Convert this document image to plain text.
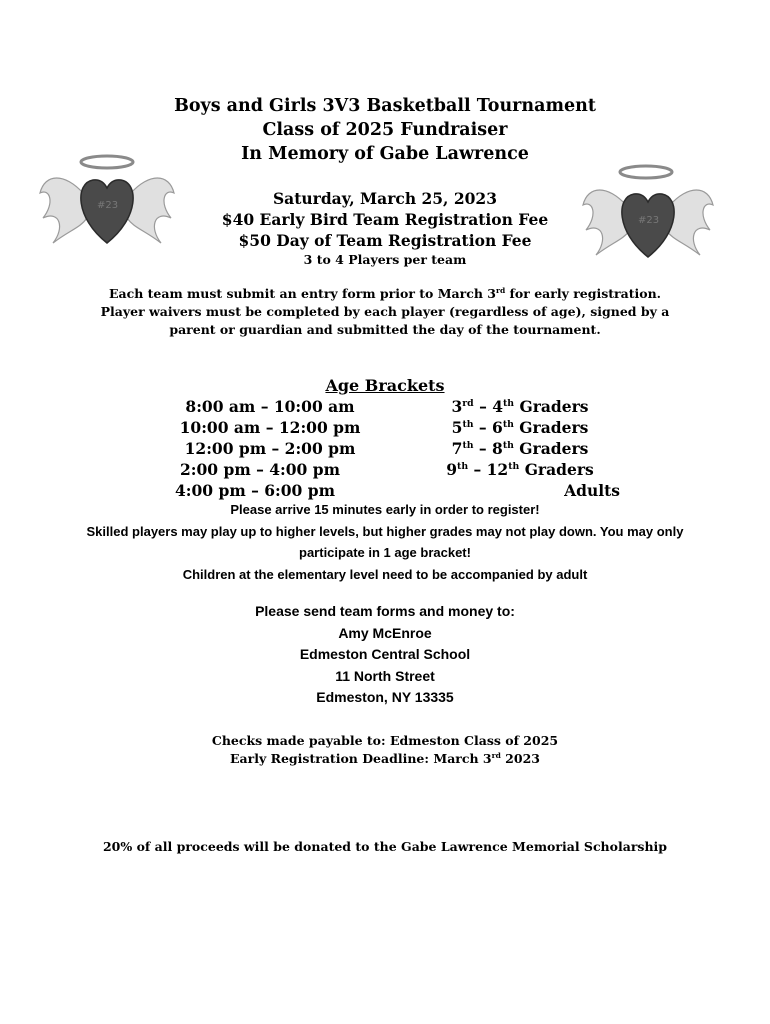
#23
#23
Boys and Girls 3V3 Basketball Tournament
Class of 2025 Fundraiser
In Memory of Gabe Lawrence
Saturday, March 25, 2023
$40 Early Bird Team Registration Fee
$50 Day of Team Registration Fee
3 to 4 Players per team
Each team must submit an entry form prior to March 3rd for early registration. Player waivers must be completed by each player (regardless of age), signed by a parent or guardian and submitted the day of the tournament.
Age Brackets
8:00 am – 10:00 am	3rd – 4th Graders
10:00 am – 12:00 pm	5th – 6th Graders
12:00 pm – 2:00 pm	7th – 8th Graders
2:00 pm – 4:00 pm	9th – 12th Graders
4:00 pm – 6:00 pm	Adults
Please arrive 15 minutes early in order to register!
Skilled players may play up to higher levels, but higher grades may not play down. You may only participate in 1 age bracket!
Children at the elementary level need to be accompanied by adult
Please send team forms and money to:
Amy McEnroe
Edmeston Central School
11 North Street
Edmeston, NY 13335
Checks made payable to: Edmeston Class of 2025
Early Registration Deadline: March 3rd 2023
20% of all proceeds will be donated to the Gabe Lawrence Memorial Scholarship
